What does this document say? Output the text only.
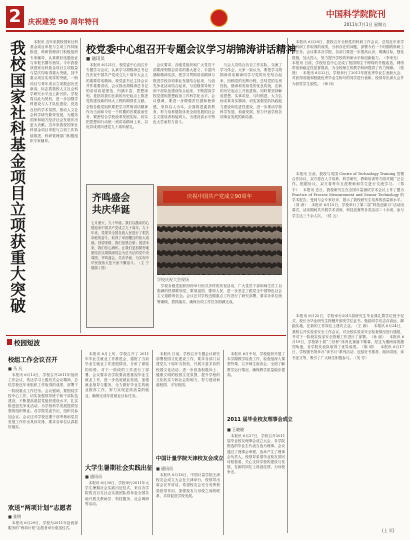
2 庆祝建党 90 周年特刊
中国科学院院刊
2011年7月1日 星期五
我校国家社科基金项目立项获重大突破  本报讯 近年来我校国家社科基金项目申报与立项工作持续推进，科研管理部门积极组织专家辅导，认真做好选题论证与申报书撰写指导。今年我校获国家社科基金项目立项数量与层次均取得重大突破，其中重点项目实现零的突破，一般项目与青年项目立项数创历史新高，标志着我校人文社会科学研究水平迈上新台阶。学校将以此为契机，进一步加强学科建设与人才队伍建设，营造良好的学术氛围，推动人文社会科学研究繁荣发展，为服务国家和地方经济社会发展作出更大贡献。近年来我校国家社科基金项目申报与立项工作持续推进，科研管理部门积极组织专家辅导。
校党委中心组召开专题会议学习胡锦涛讲话精神
■ 通讯员
 本报讯 6月21日，校党委中心组召开专题学习会议，认真学习胡锦涛总书记在庆祝中国共产党成立九十周年大会上的重要讲话精神。校党委书记主持会议并作重要讲话，会议指出胡锦涛总书记的讲话高屋建瓴、内涵丰富、思想深刻，是指导我们在新的历史起点上推进党的建设新的伟大工程的纲领性文献。全校各级党组织要把学习贯彻讲话精神作为当前和今后一个时期的首要政治任务，紧密结合学校改革发展实际，切实把思想和行动统一到讲话精神上来，以优异成绩向建党九十周年献礼。
 会议要求，各级党组织和广大党员干部要深刻领会讲话的重大意义、丰富内涵和精神实质，把学习贯彻讲话精神与推进学校各项事业发展结合起来，与创先争优活动结合起来，与加强领导班子和干部队伍建设结合起来，不断提高学校党建和思想政治工作科学化水平。会议强调，要进一步增强责任感和使命感，坚持以人为本，全面推进素质教育，努力培养德智体美全面发展的社会主义建设者和接班人，为建设高水平特色大学而努力奋斗。
 与会人员结合各自工作实际，交流了学习体会，大家一致认为，要把学习胡锦涛讲话精神同学习党的历史结合起来，回顾党的光辉历程，总结党的宝贵经验，继承和发扬党的优良传统，在新的历史起点上开拓进取。同时要坚持解放思想、实事求是、与时俱进，大力弘扬求真务实精神，切实加强党的执政能力建设和先进性建设，进一步推动学校科学发展、和谐发展，努力开创学校各项事业发展的新局面。
齐鸣盛会 共庆华诞
七月流火，九十华诞。我们以激动的心情迎来中国共产党成立九十周年。九十年来，党领导全国各族人民进行了艰苦卓绝的奋斗，取得了举世瞩目的伟大成就。回望来路，我们倍感自豪；展望未来，我们信心满怀。让我们更加紧密地团结在以胡锦涛同志为总书记的党中央周围，齐鸣盛会，共庆华诞，为实现中华民族伟大复兴而不懈奋斗。（文 宁德源 / 图）
庆祝中国共产党成立90周年
学校庆祝大会现场
 学校各级党组织纷纷举行形式多样的庆祝活动，广大党员干部和师生员工以饱满的热情歌颂党、歌颂祖国、歌颂人民，进一步坚定了跟党走中国特色社会主义道路的信念。会议还对学校近期重点工作进行了研究部署，要求各单位统筹兼顾，狠抓落实，确保各项工作任务圆满完成。
 本报讯 6月28日，我校召开全校性的科研工作会议，总结近年来学校科研工作取得的成绩，分析存在的问题，部署今后一个时期的科研工作任务。会议要求各学院、各部门要进一步提高认识，明确目标，强化措施，加大投入，努力提升学校的科研水平和创新能力。（李来光） 本报讯 日前，学校信息中心完成了校园网主干网络的升级改造，网络带宽和稳定性显著提高，为全校师生的教学科研提供了有力保障。（张晨） 本报讯 6月22日，学校举行了2011年度优秀毕业生表彰大会，对获得省级和校级优秀毕业生称号的同学进行表彰，校领导出席大会并为获奖学生颁奖。（章 伟）
 本报讯 日前，我校与英国 Centre of Technology Training 签署合作协议，双方将在人才培养、科学研究、教师培训等方面开展广泛合作。根据协议，双方将每年互派教师和学生进行交流学习。（郑 宇） 本报讯 近日，我校研究生在全国计量测试学术会议上作了题为 Practice of Process Measurement and Sensor Technology 的学术报告，受到与会专家好评，展示了我校研究生培养的质量和水平。（刘 涛） 本报讯 6月15日，学校举行了第二届“科技创新月”活动闭幕式，活动期间共开展学术讲座、科技竞赛等各类活动二十余项，参与学生达三千余人次。（侯 云）
 本报讯 6月25日，学校举行2011届研究生毕业典礼暨学位授予仪式，校长为毕业研究生拨穗并颁发学位证书，勉励同学们志存高远、脚踏实地，在新的工作岗位上建功立业。（王 颖） 本报讯 6月24日，我校召开实验室安全工作会议，对全校实验室安全检查情况进行通报，并对下一阶段实验室安全管理工作进行了部署。（孙 丽） 本报讯 6月19日，学校第十届“三好杯”体育比赛落下帷幕，经过为期两周的激烈角逐，各学院代表队取得了优异成绩。（陈 明） 本报讯 6月17日，学校图书馆举办“读书月”系列活动，包括好书推荐、阅读讲座、读书征文等，吸引了广大师生积极参与。（吴 芳）
(上 页)
校园短波
校组工作会议召开
■ 马 凡
 本报讯 6月13日，学校召开2011年组织工作会议，传达学习上级有关会议精神，总结学校近年来组织工作取得的成绩，部署下一阶段重点工作任务。会议强调，要围绕学校中心工作，切实加强领导班子和干部队伍建设，不断提高基层党组织建设水平，扎实推进创先争优活动，为学校科学发展提供坚强的组织保证。各学院党委书记、组织员参加会议。会议还对学校近期干部考核和党员发展工作作出具体安排，要求各单位认真抓好落实。
欢送“两项计划”志愿者
■ 张明
 本报讯 6月29日，学校为2011年赴西部服务的“两项计划”志愿者举行欢送仪式。
 本报讯 6月上旬，学校召开了 2011 年毕业生就业工作推进会，通报了当前毕业生就业工作进展情况，分析了面临的形势，对下一阶段的工作进行了部署。会议要求各学院要高度重视毕业生就业工作，进一步拓宽就业渠道，加强就业指导与服务，全力做好毕业生的就业推荐工作，努力实现更高质量的就业，确保完成年度就业目标任务。
大学生暑期社会实践出征
■ 通讯员
 本报讯 6月30日，学校举行2011年大学生暑期社会实践出征仪式，来自各学院的近百支社会实践团队将奔赴全国各地开展支教助学、科技服务、社会调研等活动。
 本报讯 日前，学校召开专题会议研究部署校园文化建设工作，要求各部门以建党九十周年为契机，开展丰富多彩的校园文化活动，进一步营造积极向上、健康文明的校园文化氛围，提升学校的文化软实力和社会影响力，努力建设和谐校园、平安校园。
中国计量学院天津校友会成立
■ 通讯员
 本报讯 6月18日，中国计量学院天津校友会成立大会在天津举行，校领导出席会议并讲话，希望校友会充分发挥桥梁纽带作用，加强校友与母校之间的联系，共同促进学校发展。
 本报讯 6月中旬，学校组织开展了本学期教学检查工作，检查组深入课堂听课，召开师生座谈会，全面了解教学运行情况，确保教学质量稳步提高。
2011 届毕业校友理事会成立
■ 王晓晓
 本报讯 6月27日，学校召开2011届毕业校友理事会成立大会，各学院推选的毕业生代表当选为理事。会议通过了理事会章程，选举产生了理事会负责人。校领导希望毕业校友常回母校看看，关心支持学校的建设与发展，在新的岗位上再创佳绩，为母校争光。
